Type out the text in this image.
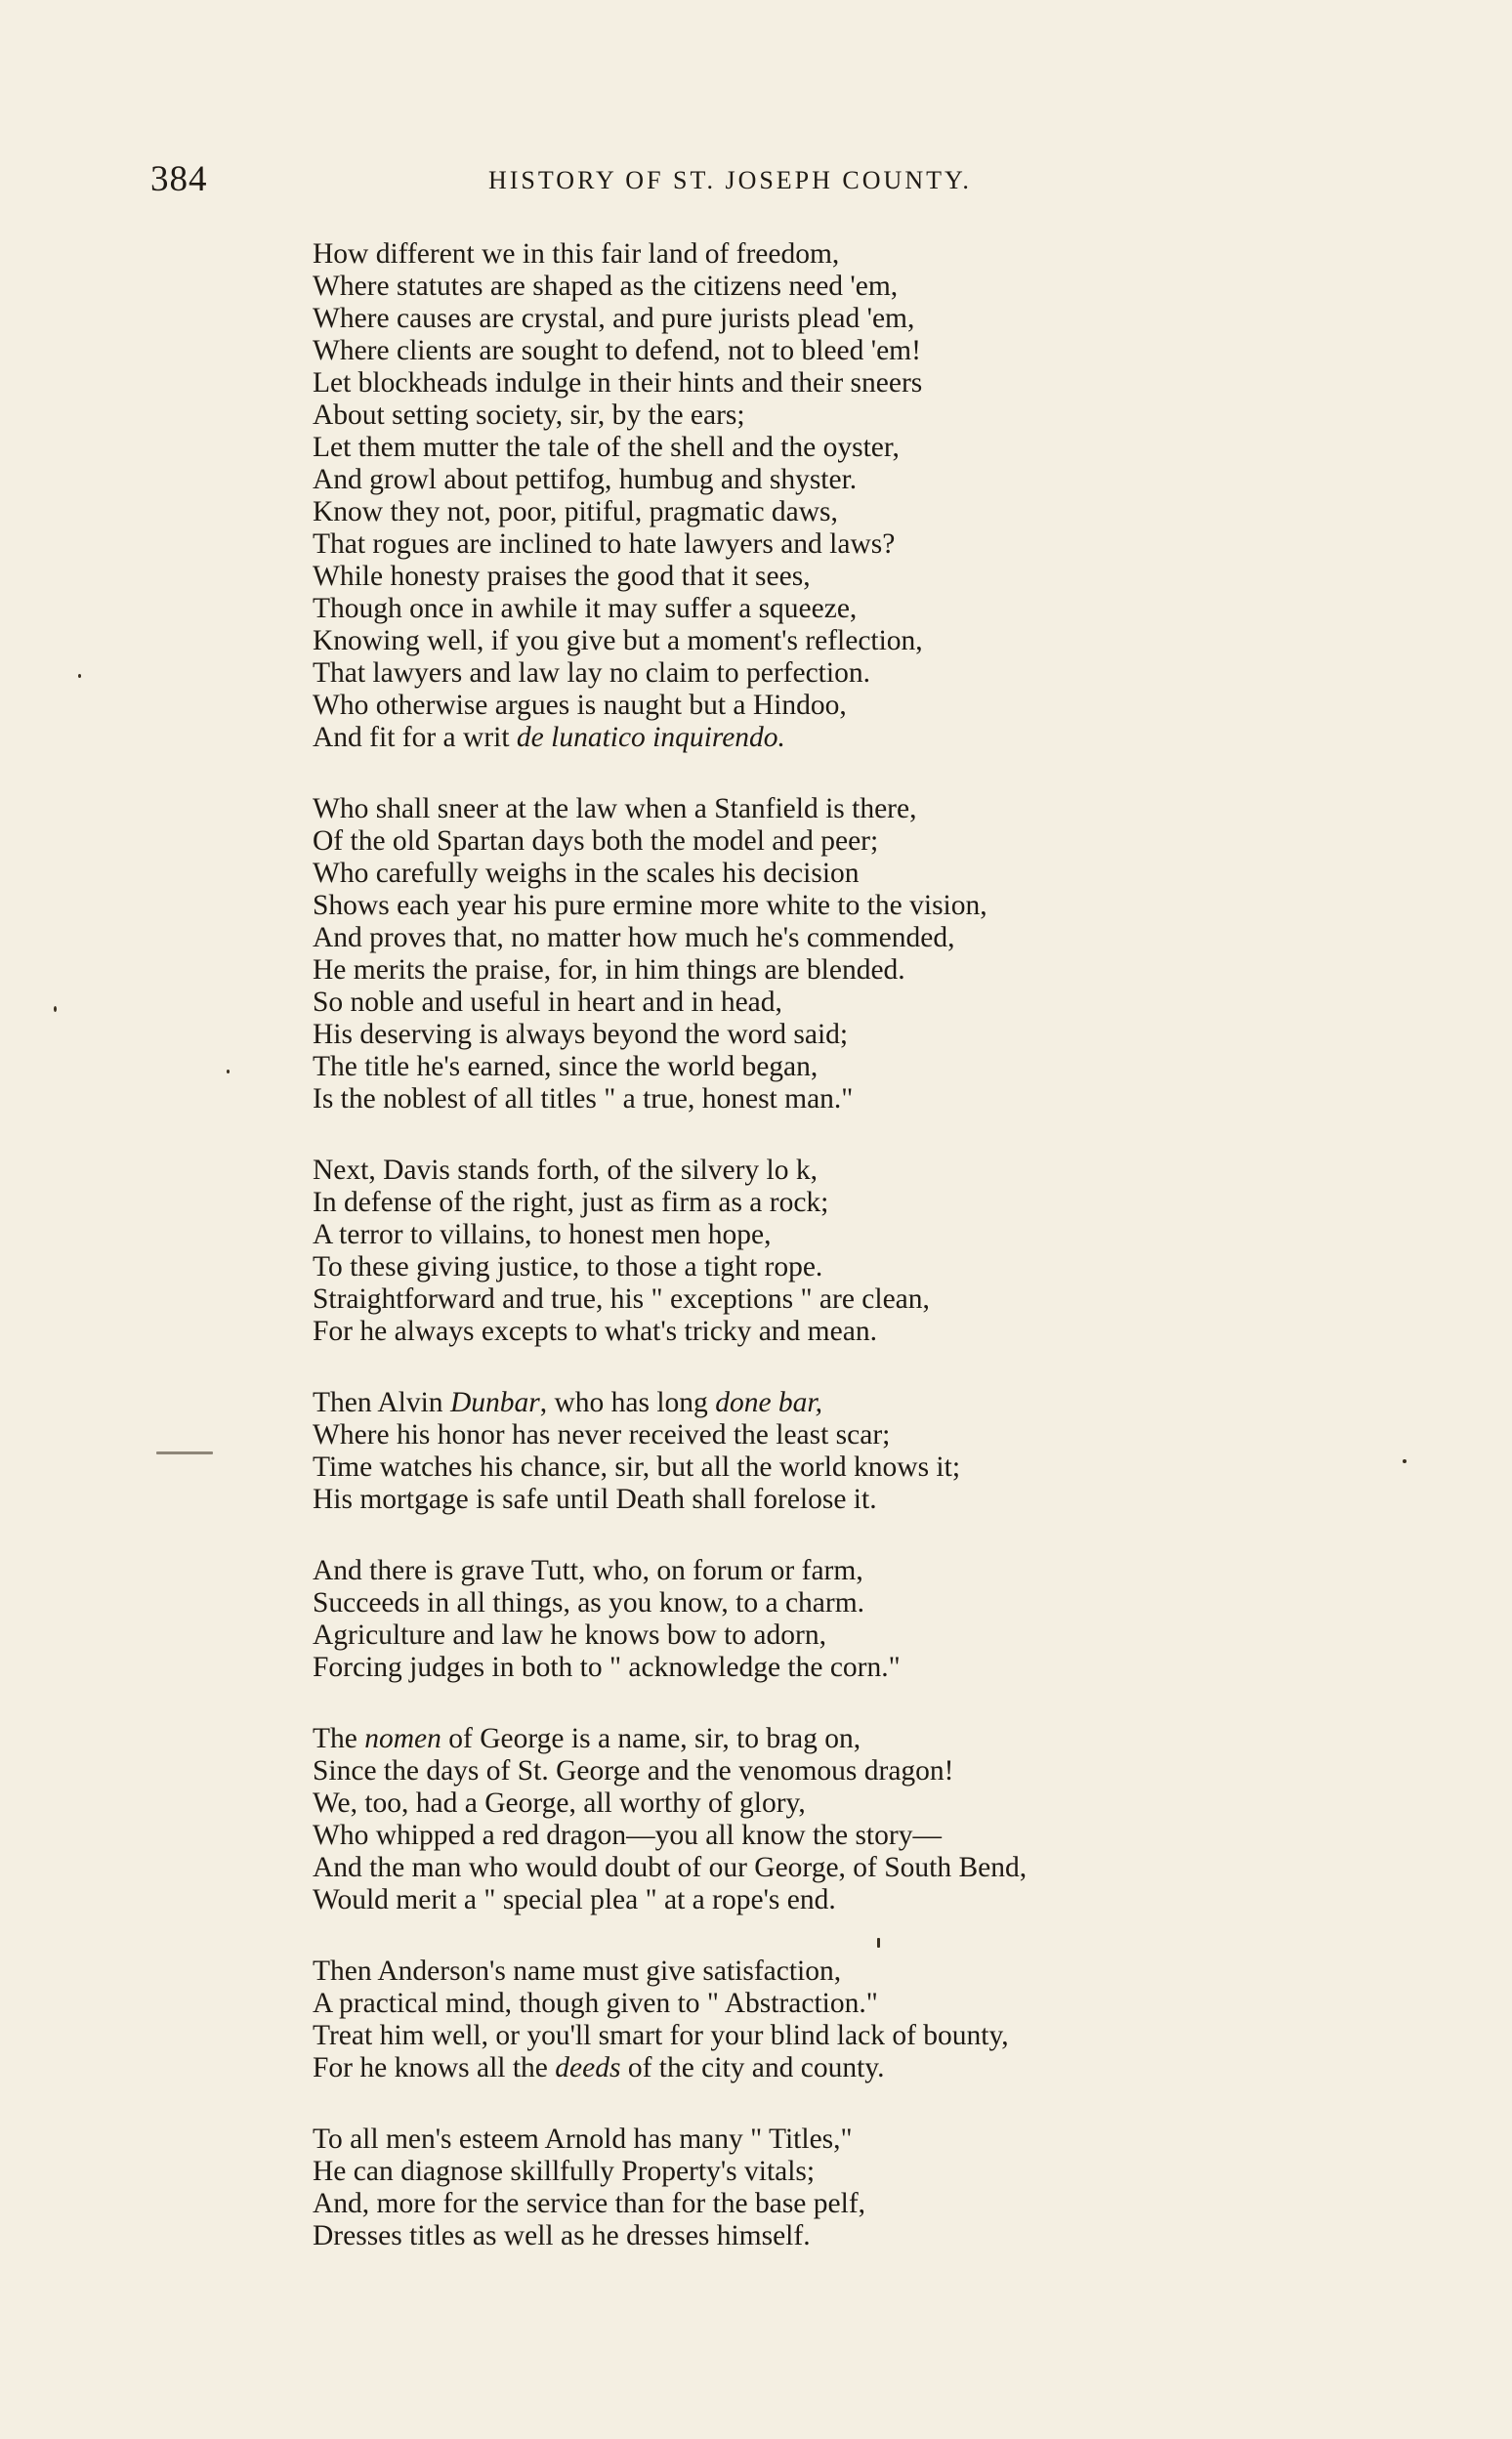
384	HISTORY OF ST. JOSEPH COUNTY.
How different we in this fair land of freedom,
Where statutes are shaped as the citizens need 'em,
Where causes are crystal, and pure jurists plead 'em,
Where clients are sought to defend, not to bleed 'em!
Let blockheads indulge in their hints and their sneers
About setting society, sir, by the ears;
Let them mutter the tale of the shell and the oyster,
And growl about pettifog, humbug and shyster.
Know they not, poor, pitiful, pragmatic daws,
That rogues are inclined to hate lawyers and laws?
While honesty praises the good that it sees,
Though once in awhile it may suffer a squeeze,
Knowing well, if you give but a moment's reflection,
That lawyers and law lay no claim to perfection.
Who otherwise argues is naught but a Hindoo,
And fit for a writ de lunatico inquirendo.
Who shall sneer at the law when a Stanfield is there,
Of the old Spartan days both the model and peer;
Who carefully weighs in the scales his decision
Shows each year his pure ermine more white to the vision,
And proves that, no matter how much he's commended,
He merits the praise, for, in him things are blended.
So noble and useful in heart and in head,
His deserving is always beyond the word said;
The title he's earned, since the world began,
Is the noblest of all titles " a true, honest man."
Next, Davis stands forth, of the silvery lo k,
In defense of the right, just as firm as a rock;
A terror to villains, to honest men hope,
To these giving justice, to those a tight rope.
Straightforward and true, his " exceptions " are clean,
For he always excepts to what's tricky and mean.
Then Alvin Dunbar, who has long done bar,
Where his honor has never received the least scar;
Time watches his chance, sir, but all the world knows it;
His mortgage is safe until Death shall forelose it.
And there is grave Tutt, who, on forum or farm,
Succeeds in all things, as you know, to a charm.
Agriculture and law he knows bow to adorn,
Forcing judges in both to " acknowledge the corn."
The nomen of George is a name, sir, to brag on,
Since the days of St. George and the venomous dragon!
We, too, had a George, all worthy of glory,
Who whipped a red dragon—you all know the story—
And the man who would doubt of our George, of South Bend,
Would merit a " special plea " at a rope's end.
Then Anderson's name must give satisfaction,
A practical mind, though given to " Abstraction."
Treat him well, or you'll smart for your blind lack of bounty,
For he knows all the deeds of the city and county.
To all men's esteem Arnold has many " Titles,"
He can diagnose skillfully Property's vitals;
And, more for the service than for the base pelf,
Dresses titles as well as he dresses himself.
